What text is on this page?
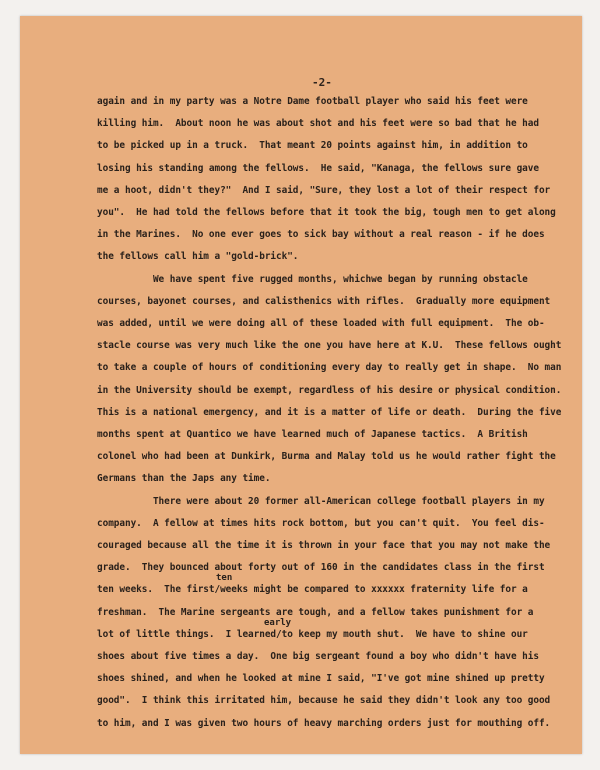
-2-
again and in my party was a Notre Dame football player who said his feet were
killing him.  About noon he was about shot and his feet were so bad that he had
to be picked up in a truck.  That meant 20 points against him, in addition to
losing his standing among the fellows.  He said, "Kanaga, the fellows sure gave
me a hoot, didn't they?"  And I said, "Sure, they lost a lot of their respect for
you".  He had told the fellows before that it took the big, tough men to get along
in the Marines.  No one ever goes to sick bay without a real reason - if he does
the fellows call him a "gold-brick".
We have spent five rugged months, whichwe began by running obstacle
courses, bayonet courses, and calisthenics with rifles.  Gradually more equipment
was added, until we were doing all of these loaded with full equipment.  The ob-
stacle course was very much like the one you have here at K.U.  These fellows ought
to take a couple of hours of conditioning every day to really get in shape.  No man
in the University should be exempt, regardless of his desire or physical condition.
This is a national emergency, and it is a matter of life or death.  During the five
months spent at Quantico we have learned much of Japanese tactics.  A British
colonel who had been at Dunkirk, Burma and Malay told us he would rather fight the
Germans than the Japs any time.
There were about 20 former all-American college football players in my
company.  A fellow at times hits rock bottom, but you can't quit.  You feel dis-
couraged because all the time it is thrown in your face that you may not make the
grade.  They bounced about forty out of 160 in the candidates class in the first
ten weeks.  The first/weeks might be compared to xxxxxx fraternity life for a
freshman.  The Marine sergeants are tough, and a fellow takes punishment for a
lot of little things.  I learned/to keep my mouth shut.  We have to shine our
shoes about five times a day.  One big sergeant found a boy who didn't have his
shoes shined, and when he looked at mine I said, "I've got mine shined up pretty
good".  I think this irritated him, because he said they didn't look any too good
to him, and I was given two hours of heavy marching orders just for mouthing off.
ten
early
